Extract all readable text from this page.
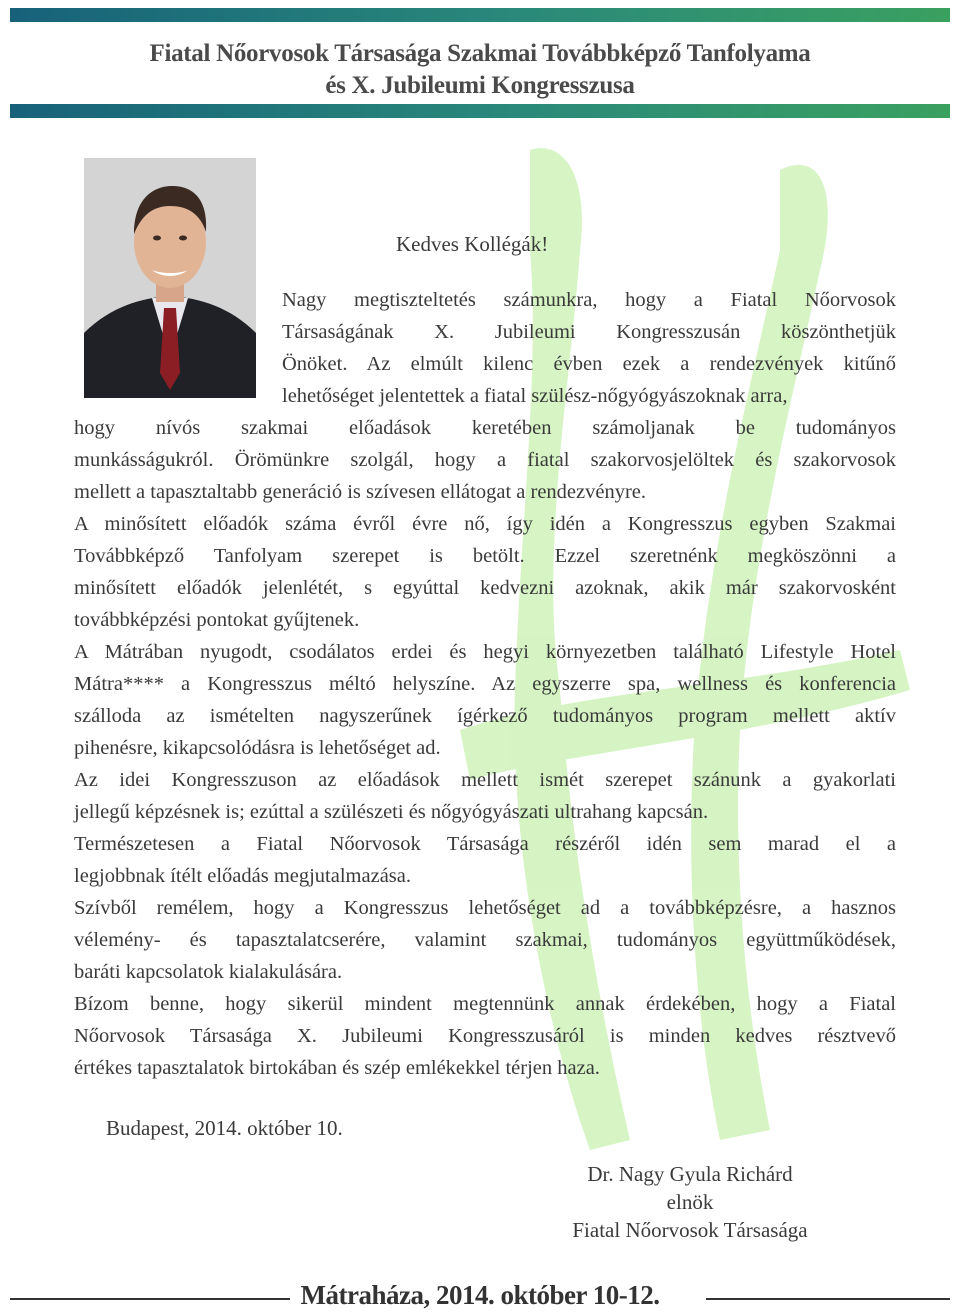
Fiatal Nőorvosok Társasága Szakmai Továbbképző Tanfolyama
és X. Jubileumi Kongresszusa
Kedves Kollégák!
Nagy megtiszteltetés számunkra, hogy a Fiatal Nőorvosok
Társaságának X. Jubileumi Kongresszusán köszönthetjük
Önöket. Az elmúlt kilenc évben ezek a rendezvények kitűnő
lehetőséget jelentettek a fiatal szülész-nőgyógyászoknak arra,
hogy nívós szakmai előadások keretében számoljanak be tudományos
munkásságukról. Örömünkre szolgál, hogy a fiatal szakorvosjelöltek és szakorvosok
mellett a tapasztaltabb generáció is szívesen ellátogat a rendezvényre.
A minősített előadók száma évről évre nő, így idén a Kongresszus egyben Szakmai
Továbbképző Tanfolyam szerepet is betölt. Ezzel szeretnénk megköszönni a
minősített előadók jelenlétét, s egyúttal kedvezni azoknak, akik már szakorvosként
továbbképzési pontokat gyűjtenek.
A Mátrában nyugodt, csodálatos erdei és hegyi környezetben található Lifestyle Hotel
Mátra**** a Kongresszus méltó helyszíne. Az egyszerre spa, wellness és konferencia
szálloda az ismételten nagyszerűnek ígérkező tudományos program mellett aktív
pihenésre, kikapcsolódásra is lehetőséget ad.
Az idei Kongresszuson az előadások mellett ismét szerepet szánunk a gyakorlati
jellegű képzésnek is; ezúttal a szülészeti és nőgyógyászati ultrahang kapcsán.
Természetesen a Fiatal Nőorvosok Társasága részéről idén sem marad el a
legjobbnak ítélt előadás megjutalmazása.
Szívből remélem, hogy a Kongresszus lehetőséget ad a továbbképzésre, a hasznos
vélemény- és tapasztalatcserére, valamint szakmai, tudományos együttműködések,
baráti kapcsolatok kialakulására.
Bízom benne, hogy sikerül mindent megtennünk annak érdekében, hogy a Fiatal
Nőorvosok Társasága X. Jubileumi Kongresszusáról is minden kedves résztvevő
értékes tapasztalatok birtokában és szép emlékekkel térjen haza.
Budapest, 2014. október 10.
Dr. Nagy Gyula Richárd
elnök
Fiatal Nőorvosok Társasága
Mátraháza, 2014. október 10-12.
